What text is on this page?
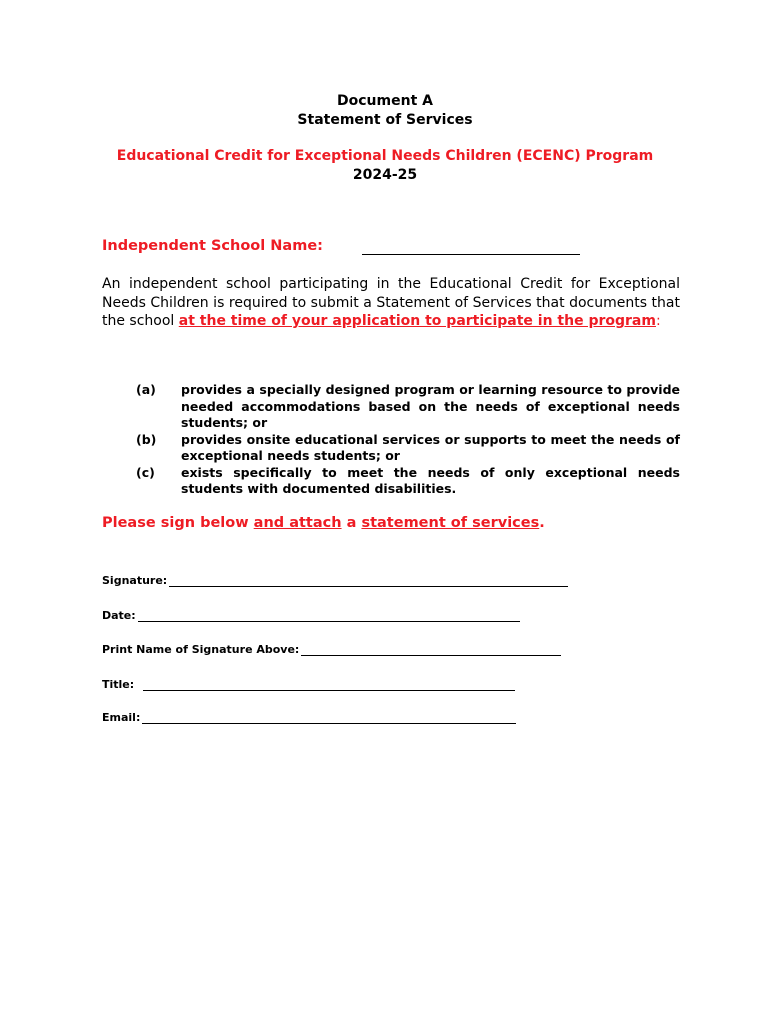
Document A
Statement of Services
Educational Credit for Exceptional Needs Children (ECENC) Program
2024-25
Independent School Name:
An independent school participating in the Educational Credit for Exceptional Needs Children is required to submit a Statement of Services that documents that the school at the time of your application to participate in the program:
(a)	provides a specially designed program or learning resource to provide needed accommodations based on the needs of exceptional needs students; or
(b)	provides onsite educational services or supports to meet the needs of exceptional needs students; or
(c)	exists specifically to meet the needs of only exceptional needs students with documented disabilities.
Please sign below and attach a statement of services.
Signature:
Date:
Print Name of Signature Above:
Title:
Email:
